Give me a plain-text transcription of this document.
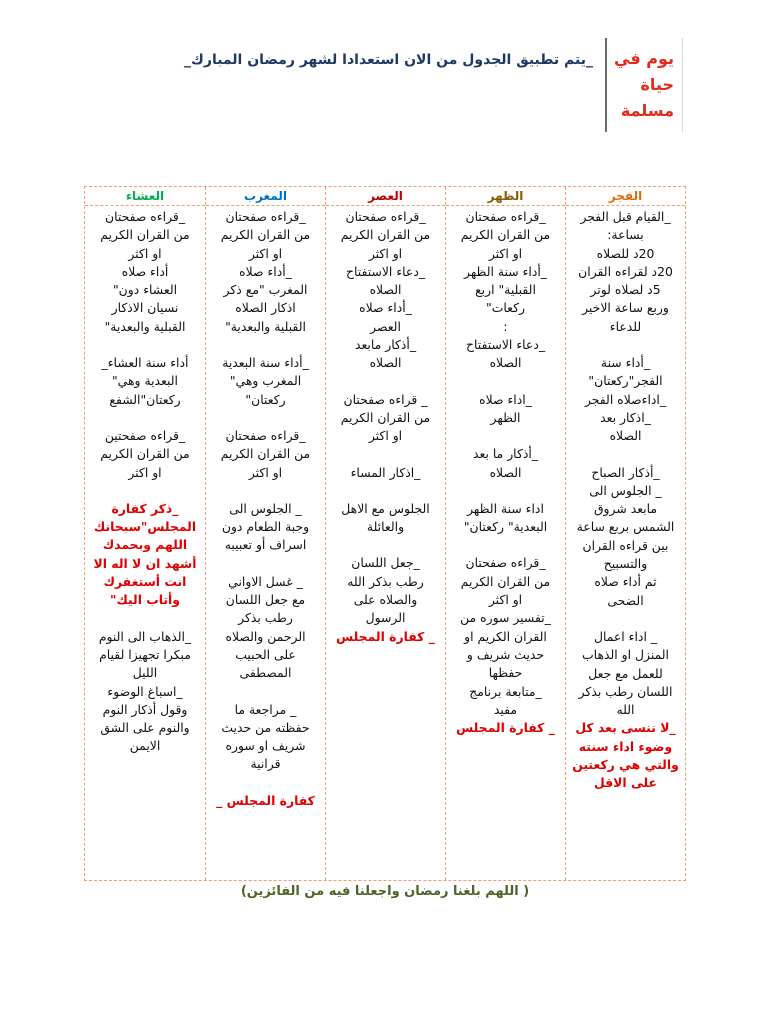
يوم في
حياة
مسلمة
_يتم تطبيق الجدول من الان استعدادا لشهر رمضان المبارك_
الفجر
_القيام قبل الفجر
بساعة:
20د للصلاه
20د لقراءه القران
5د لصلاه لوتر
وربع ساعة الاخير
للدعاء
_أداء سنة
الفجر"ركعتان"
_اداءصلاه الفجر
_اذكار بعد
الصلاه
_أذكار الصباح
_ الجلوس الى
مابعد شروق
الشمس بربع ساعة
بين قراءه القران
والتسبيح
ثم أداء صلاه
الضحى
_ اداء اعمال
المنزل او الذهاب
للعمل مع جعل
اللسان رطب بذكر
الله
_لا ننسى بعد كل
وضوء اداء سنته
والتي هي ركعتين
على الاقل
الظهر
_قراءه صفحتان
من القران الكريم
او اكثر
_أداء سنة الظهر
القبلية" اربع
ركعات"
:
_دعاء الاستفتاح
الصلاه
_اداء صلاه
الظهر
_أذكار ما بعد
الصلاه
اداء سنة الظهر
البعدية" ركعتان"
_قراءه صفحتان
من القران الكريم
او اكثر
_تفسير سوره من
القران الكريم او
حديث شريف و
حفظها
_متابعة برنامج
مفيد
_ كفارة المجلس
العصر
_قراءه صفحتان
من القران الكريم
او اكثر
_دعاء الاستفتاح
الصلاه
_أداء صلاه
العصر
_أذكار مابعد
الصلاه
_ قراءه صفحتان
من القران الكريم
او اكثر
_اذكار المساء
الجلوس مع الاهل
والعائلة
_جعل اللسان
رطب بذكر الله
والصلاه على
الرسول
_ كفارة المجلس
المغرب
_قراءه صفحتان
من القران الكريم
او اكثر
_أداء صلاه
المغرب "مع ذكر
اذكار الصلاه
القبلية والبعدية"
_أداء سنة البعدية
المغرب وهي"
ركعتان"
_قراءه صفحتان
من القران الكريم
او اكثر
_ الجلوس الى
وجبة الطعام دون
اسراف أو تعبيبه
_ غسل الاواني
مع جعل اللسان
رطب بذكر
الرحمن والصلاه
على الحبيب
المصطفى
_ مراجعة ما
حفظته من حديث
شريف او سوره
قرانية
كفارة المجلس _
العشاء
_قراءه صفحتان
من القران الكريم
او اكثر
أداء صلاه
العشاء دون"
نسيان الاذكار
القبلية والبعدية"
أداء سنة العشاء_
البعدية وهي"
ركعتان"الشفع
_قراءه صفحتين
من القران الكريم
او اكثر
_ذكر كفارة
المجلس"سبحانك
اللهم وبحمدك
أشهد ان لا اله الا
انت أستغفرك
وأتاب اليك"
_الذهاب الى النوم
مبكرا تجهيزا لقيام
الليل
_اسباغ الوضوء
وقول أذكار النوم
والنوم على الشق
الايمن
( اللهم بلغنا رمضان واجعلنا فيه من الفائزين)
